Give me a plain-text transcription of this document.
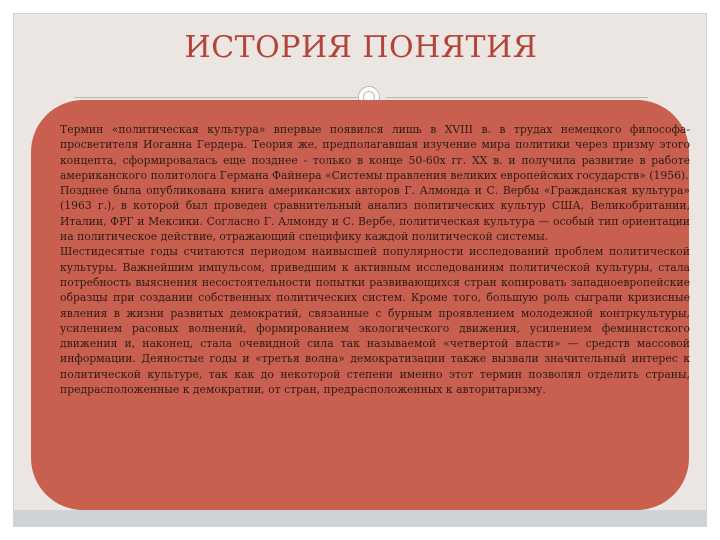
ИСТОРИЯ ПОНЯТИЯ

Термин «политическая культура» впервые появился лишь в XVIII в. в трудах немецкого философа-просветителя Иоганна Гердера. Теория же, предполагавшая изучение мира политики через призму этого концепта, сформировалась еще позднее - только в конце 50-60х гг. XX в. и получила развитие в работе американского политолога Германа Файнера «Системы правления великих европейских государств» (1956).

Позднее была опубликована книга американских авторов Г. Алмонда и С. Вербы «Гражданская культура» (1963 г.), в которой был проведен сравнительный анализ политических культур США, Великобритании, Италии, ФРГ и Мексики. Согласно Г. Алмонду и С. Вербе, политическая культура — особый тип ориентации на политическое действие, отражающий специфику каждой политической системы.

Шестидесятые годы считаются периодом наивысшей популярности исследований проблем политической культуры. Важнейшим импульсом, приведшим к активным исследованиям политической культуры, стала потребность выяснения несостоятельности попытки развивающихся стран копировать западноевропейские образцы при создании собственных политических систем. Кроме того, большую роль сыграли кризисные явления в жизни развитых демократий, связанные с бурным проявлением молодежной контркультуры, усилением расовых волнений, формированием экологического движения, усилением феминистского движения и, наконец, стала очевидной сила так называемой «четвертой власти» — средств массовой информации. Деяностые годы и «третья волна» демократизации также вызвали значительный интерес к политической культуре, так как до некоторой степени именно этот термин позволял отделить страны, предрасположенные к демократии, от стран, предрасположенных к авторитаризму.
